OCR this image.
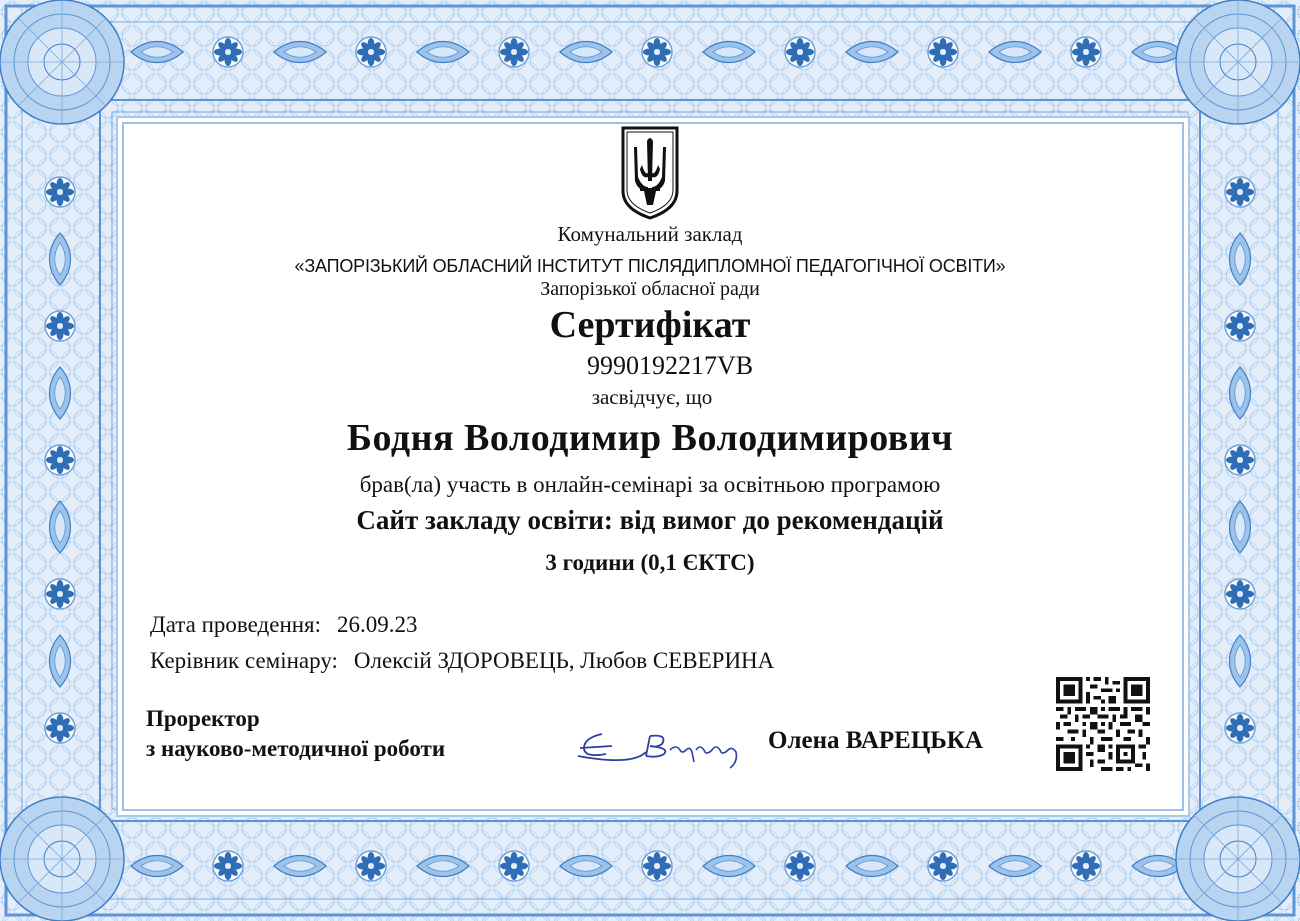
Комунальний заклад
«ЗАПОРІЗЬКИЙ ОБЛАСНИЙ ІНСТИТУТ ПІСЛЯДИПЛОМНОЇ ПЕДАГОГІЧНОЇ ОСВІТИ»
Запорізької обласної ради
Сертифікат
9990192217VB
засвідчує, що
Бодня Володимир Володимирович
брав(ла) участь в онлайн-семінарі за освітньою програмою
Сайт закладу освіти: від вимог до рекомендацій
3 години (0,1 ЄКТС)
Дата проведення: 26.09.23
Керівник семінару: Олексій ЗДОРОВЕЦЬ, Любов СЕВЕРИНА
Проректор
з науково-методичної роботи	Олена ВАРЕЦЬКА
